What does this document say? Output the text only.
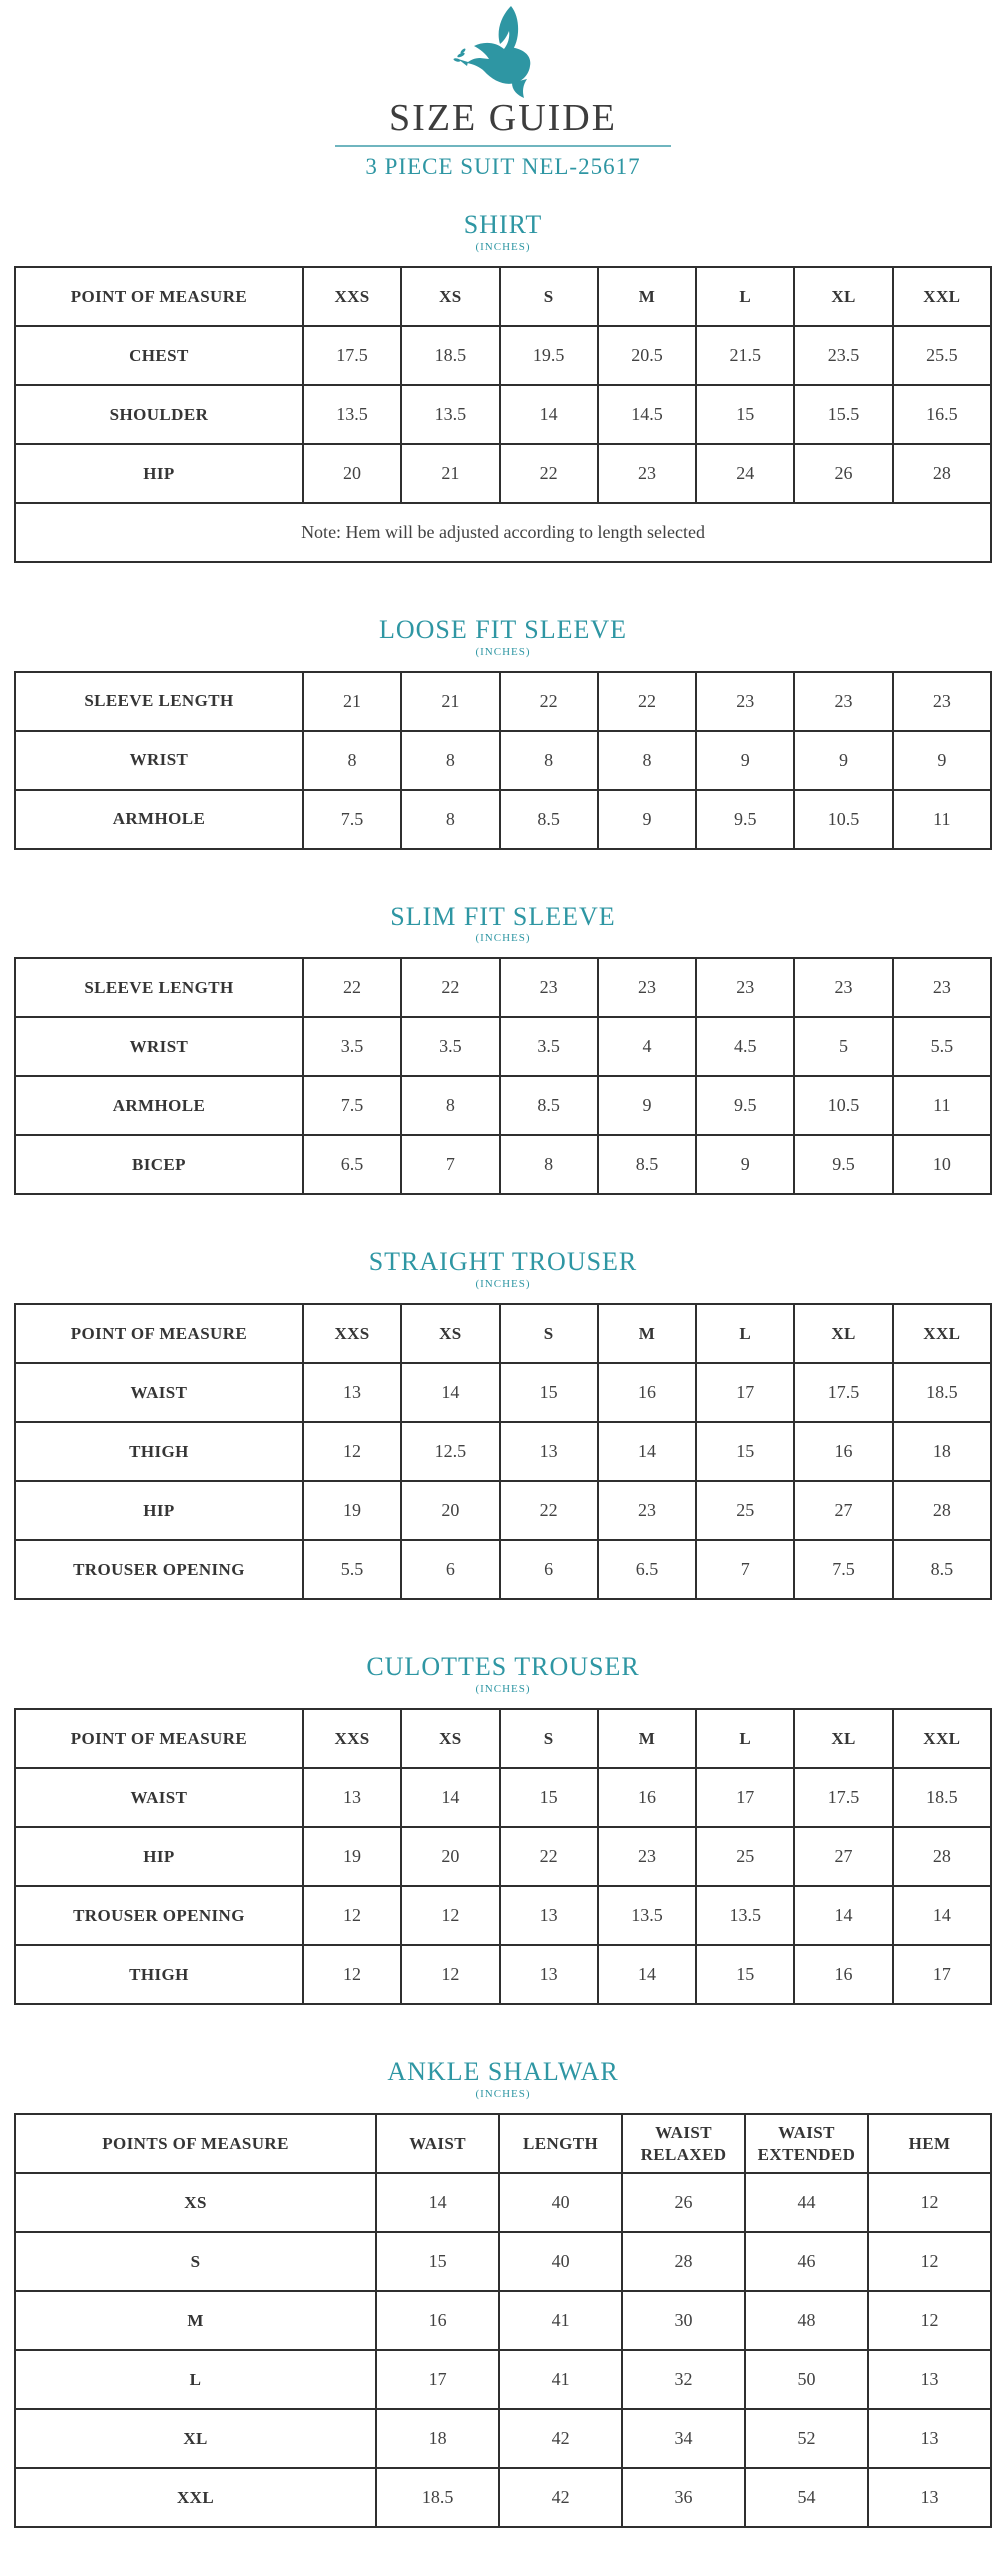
SIZE GUIDE
3 PIECE SUIT NEL-25617
SHIRT
(INCHES)
POINT OF MEASURE	XXS	XS	S	M	L	XL	XXL
CHEST	17.5	18.5	19.5	20.5	21.5	23.5	25.5
SHOULDER	13.5	13.5	14	14.5	15	15.5	16.5
HIP	20	21	22	23	24	26	28
Note: Hem will be adjusted according to length selected							
LOOSE FIT SLEEVE
(INCHES)
SLEEVE LENGTH	21	21	22	22	23	23	23
WRIST	8	8	8	8	9	9	9
ARMHOLE	7.5	8	8.5	9	9.5	10.5	11
SLIM FIT SLEEVE
(INCHES)
SLEEVE LENGTH	22	22	23	23	23	23	23
WRIST	3.5	3.5	3.5	4	4.5	5	5.5
ARMHOLE	7.5	8	8.5	9	9.5	10.5	11
BICEP	6.5	7	8	8.5	9	9.5	10
STRAIGHT TROUSER
(INCHES)
POINT OF MEASURE	XXS	XS	S	M	L	XL	XXL
WAIST	13	14	15	16	17	17.5	18.5
THIGH	12	12.5	13	14	15	16	18
HIP	19	20	22	23	25	27	28
TROUSER OPENING	5.5	6	6	6.5	7	7.5	8.5
CULOTTES TROUSER
(INCHES)
POINT OF MEASURE	XXS	XS	S	M	L	XL	XXL
WAIST	13	14	15	16	17	17.5	18.5
HIP	19	20	22	23	25	27	28
TROUSER OPENING	12	12	13	13.5	13.5	14	14
THIGH	12	12	13	14	15	16	17
ANKLE SHALWAR
(INCHES)
POINTS OF MEASURE	WAIST	LENGTH	WAIST RELAXED	WAIST EXTENDED	HEM
XS	14	40	26	44	12
S	15	40	28	46	12
M	16	41	30	48	12
L	17	41	32	50	13
XL	18	42	34	52	13
XXL	18.5	42	36	54	13
